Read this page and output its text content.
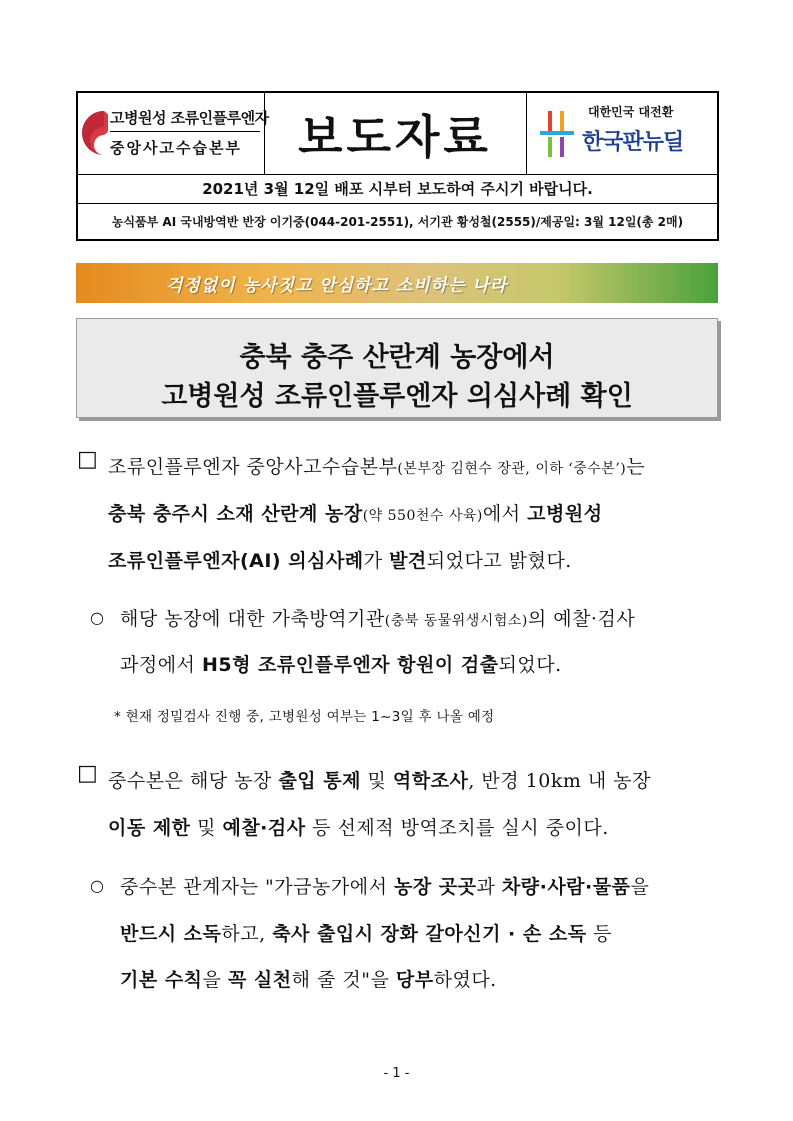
고병원성 조류인플루엔자
중앙사고수습본부	보도자료	대한민국 대전환
한국판뉴딜
2021년 3월 12일 배포 시부터 보도하여 주시기 바랍니다.
농식품부 AI 국내방역반 반장 이기중(044-201-2551), 서기관 황성철(2555)/제공일: 3월 12일(총 2매)
걱정없이 농사짓고 안심하고 소비하는 나라
충북 충주 산란계 농장에서
고병원성 조류인플루엔자 의심사례 확인
□ 조류인플루엔자 중앙사고수습본부(본부장 김현수 장관, 이하 ‘중수본’)는
충북 충주시 소재 산란계 농장(약 550천수 사육)에서 고병원성
조류인플루엔자(AI) 의심사례가 발견되었다고 밝혔다.
○ 해당 농장에 대한 가축방역기관(충북 동물위생시험소)의 예찰·검사
과정에서 H5형 조류인플루엔자 항원이 검출되었다.
* 현재 정밀검사 진행 중, 고병원성 여부는 1~3일 후 나올 예정
□ 중수본은 해당 농장 출입 통제 및 역학조사, 반경 10km 내 농장
이동 제한 및 예찰·검사 등 선제적 방역조치를 실시 중이다.
○ 중수본 관계자는 "가금농가에서 농장 곳곳과 차량·사람·물품을
반드시 소독하고, 축사 출입시 장화 갈아신기 · 손 소독 등
기본 수칙을 꼭 실천해 줄 것"을 당부하였다.
- 1 -
